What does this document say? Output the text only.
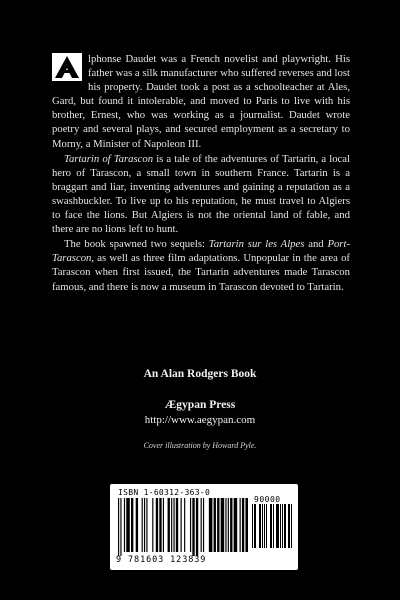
lphonse Daudet was a French novelist and playwright. His father was a silk manufacturer who suffered reverses and lost his property. Daudet took a post as a schoolteacher at Ales, Gard, but found it intolerable, and moved to Paris to live with his brother, Ernest, who was working as a journalist. Daudet wrote poetry and several plays, and secured employment as a secretary to Morny, a Minister of Napoleon III.

Tartarin of Tarascon is a tale of the adventures of Tartarin, a local hero of Tarascon, a small town in southern France. Tartarin is a braggart and liar, inventing adventures and gaining a reputation as a swashbuckler. To live up to his reputation, he must travel to Algiers to face the lions. But Algiers is not the oriental land of fable, and there are no lions left to hunt.

The book spawned two sequels: Tartarin sur les Alpes and Port-Tarascon, as well as three film adaptations. Unpopular in the area of Tarascon when first issued, the Tartarin adventures made Tarascon famous, and there is now a museum in Tarascon devoted to Tartarin.

An Alan Rodgers Book

Ægypan Press

http://www.aegypan.com

Cover illustration by Howard Pyle.

ISBN 1-60312-363-0
90000
9 781603 123839
